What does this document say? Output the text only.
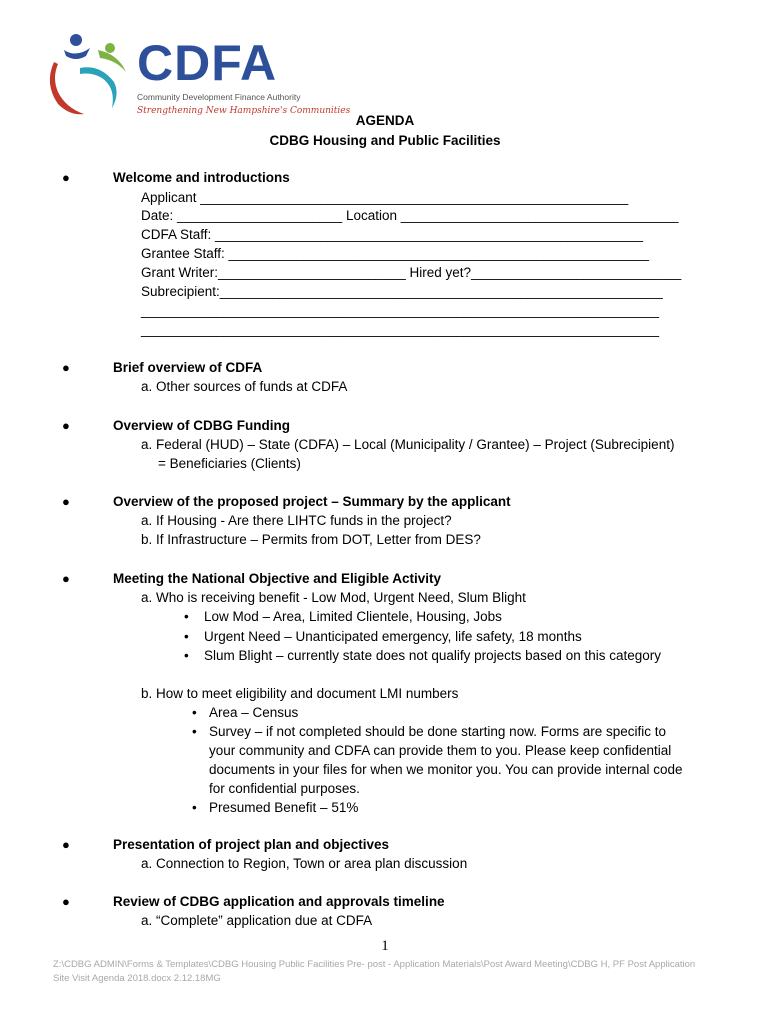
CDFA
Community Development Finance Authority
Strengthening New Hampshire's Communities
AGENDA
CDBG Housing and Public Facilities
●	Welcome and introductions
Applicant _________________________________________________________
Date: ______________________ Location _____________________________________
CDFA Staff: _________________________________________________________
Grantee Staff: ________________________________________________________
Grant Writer:_________________________ Hired yet?____________________________
Subrecipient:___________________________________________________________
_____________________________________________________________________
_____________________________________________________________________
●	Brief overview of CDFA
a. Other sources of funds at CDFA
●	Overview of CDBG Funding
a. Federal (HUD) – State (CDFA) – Local (Municipality / Grantee) – Project (Subrecipient)
= Beneficiaries (Clients)
●	Overview of the proposed project – Summary by the applicant
a. If Housing - Are there LIHTC funds in the project?
b. If Infrastructure – Permits from DOT, Letter from DES?
●	Meeting the National Objective and Eligible Activity
a. Who is receiving benefit - Low Mod, Urgent Need, Slum Blight
• Low Mod – Area, Limited Clientele, Housing, Jobs
• Urgent Need – Unanticipated emergency, life safety, 18 months
• Slum Blight – currently state does not qualify projects based on this category
b. How to meet eligibility and document LMI numbers
• Area – Census
• Survey – if not completed should be done starting now. Forms are specific to
your community and CDFA can provide them to you. Please keep confidential
documents in your files for when we monitor you. You can provide internal code
for confidential purposes.
• Presumed Benefit – 51%
●	Presentation of project plan and objectives
a. Connection to Region, Town or area plan discussion
●	Review of CDBG application and approvals timeline
a. “Complete” application due at CDFA
1
Z:\CDBG ADMIN\Forms & Templates\CDBG Housing Public Facilities Pre- post - Application Materials\Post Award Meeting\CDBG H, PF Post Application Site Visit Agenda 2018.docx 2.12.18MG
